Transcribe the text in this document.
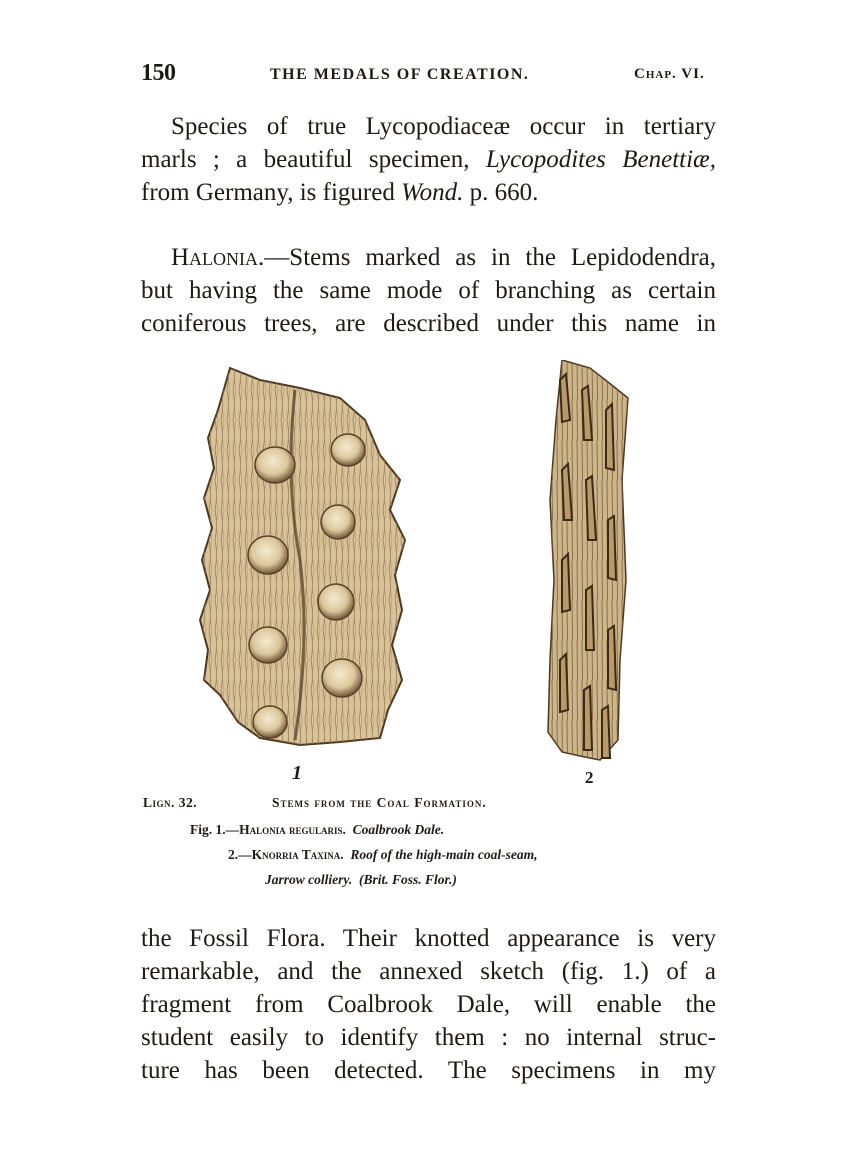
150	THE MEDALS OF CREATION.	Chap. VI.
Species of true Lycopodiaceæ occur in tertiary
marls ; a beautiful specimen, Lycopodites Benettiæ,
from Germany, is figured Wond. p. 660.
Halonia.—Stems marked as in the Lepidodendra,
but having the same mode of branching as certain
coniferous trees, are described under this name in
1	2
Lign. 32.	Stems from the Coal Formation.
Fig. 1.—Halonia regularis. Coalbrook Dale.
2.—Knorria Taxina. Roof of the high-main coal-seam,
Jarrow colliery. (Brit. Foss. Flor.)
the Fossil Flora. Their knotted appearance is very
remarkable, and the annexed sketch (fig. 1.) of a
fragment from Coalbrook Dale, will enable the
student easily to identify them : no internal struc-
ture has been detected. The specimens in my
